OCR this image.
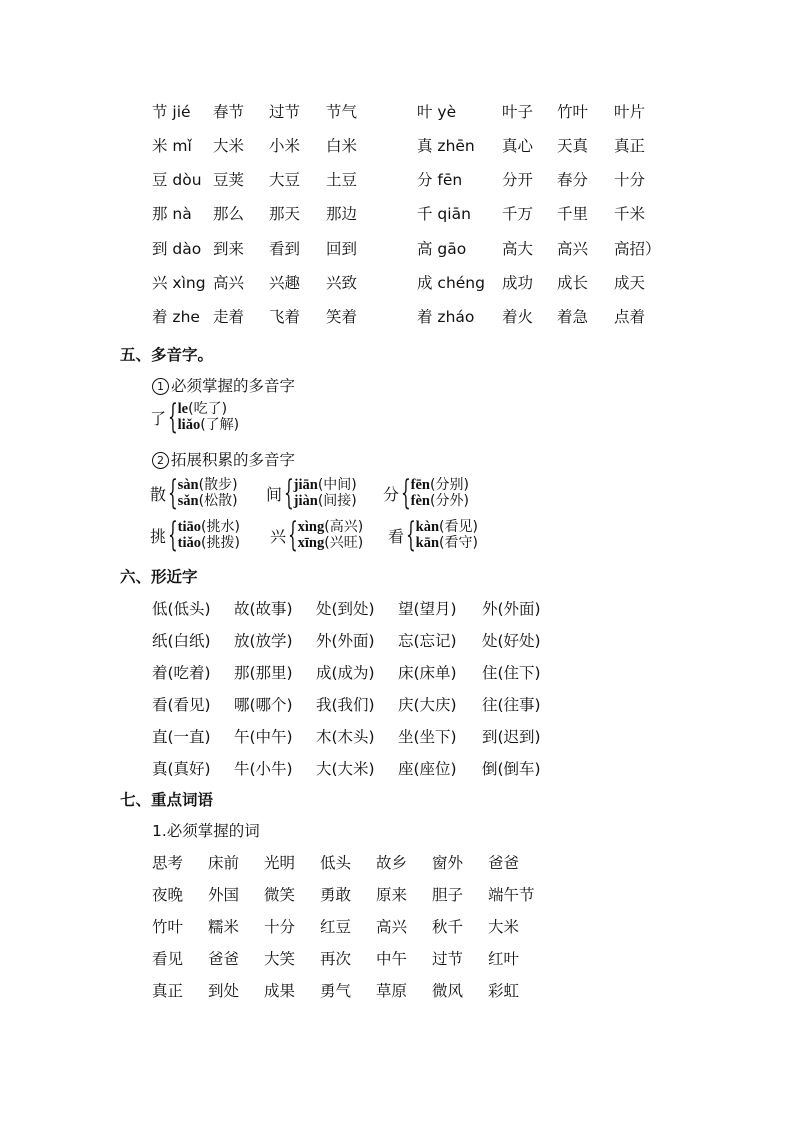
节 jié 春节 过节 节气	叶 yè	叶子 竹叶 叶片
米 mǐ 大米 小米 白米	真 zhēn 真心 天真 真正
豆 dòu 豆荚 大豆 土豆	分 fēn	分开 春分 十分
那 nà 那么 那天 那边	千 qiān 千万 千里 千米
到 dào 到来 看到 回到	高 gāo 高大 高兴 高招）
兴 xìng 高兴 兴趣 兴致	成 chéng 成功 成长 成天
着 zhe 走着 飞着 笑着	着 zháo 着火 着急 点着
五、多音字。
1 必须掌握的多音字
2 拓展积累的多音字
了 { le(吃了)
liǎo(了解)
散 { sàn(散步)
sǎn(松散) 间 { jiān(中间)
jiàn(间接) 分 { fēn(分别)
fèn(分外)
挑 { tiāo(挑水)
tiǎo(挑拨) 兴 { xìng(高兴)
xīng(兴旺) 看 { kàn(看见)
kān(看守)
六、形近字
低(低头) 故(故事) 处(到处) 望(望月) 外(外面)
纸(白纸) 放(放学) 外(外面) 忘(忘记) 处(好处)
着(吃着) 那(那里) 成(成为) 床(床单) 住(住下)
看(看见) 哪(哪个) 我(我们) 庆(大庆) 往(往事)
直(一直) 午(中午) 木(木头) 坐(坐下) 到(迟到)
真(真好) 牛(小牛) 大(大米) 座(座位) 倒(倒车)
七、重点词语
1.必须掌握的词
思考 床前 光明 低头 故乡 窗外 爸爸
夜晚 外国 微笑 勇敢 原来 胆子 端午节
竹叶 糯米 十分 红豆 高兴 秋千 大米
看见 爸爸 大笑 再次 中午 过节 红叶
真正 到处 成果 勇气 草原 微风 彩虹
